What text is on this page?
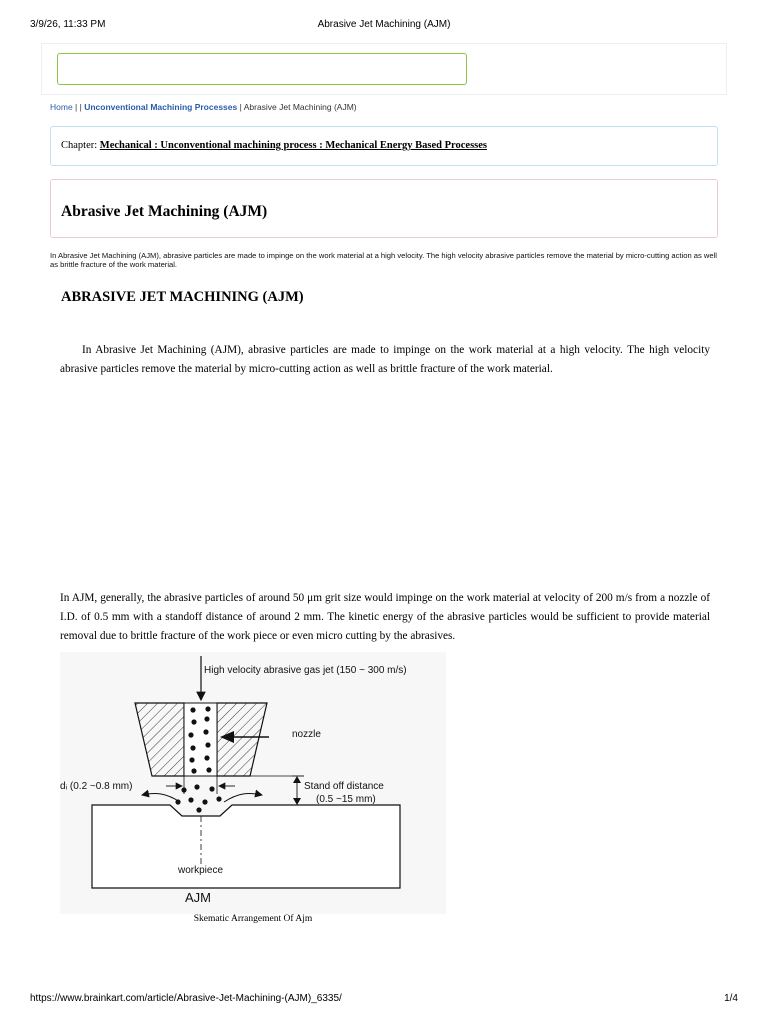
3/9/26, 11:33 PM	Abrasive Jet Machining (AJM)
Home | | Unconventional Machining Processes | Abrasive Jet Machining (AJM)
Chapter: Mechanical : Unconventional machining process : Mechanical Energy Based Processes
Abrasive Jet Machining (AJM)
In Abrasive Jet Machining (AJM), abrasive particles are made to impinge on the work material at a high velocity. The high velocity abrasive particles remove the material by micro-cutting action as well as brittle fracture of the work material.
ABRASIVE JET MACHINING (AJM)

In Abrasive Jet Machining (AJM), abrasive particles are made to impinge on the work material at a high velocity. The high velocity abrasive particles remove the material by micro-cutting action as well as brittle fracture of the work material.

In AJM, generally, the abrasive particles of around 50 μm grit size would impinge on the work material at velocity of 200 m/s from a nozzle of I.D. of 0.5 mm with a standoff distance of around 2 mm. The kinetic energy of the abrasive particles would be sufficient to provide material removal due to brittle fracture of the work piece or even micro cutting by the abrasives.

High velocity abrasive gas jet (150 ~ 300 m/s)
nozzle
dᵢ (0.2 ~0.8 mm)	Stand off distance
(0.5 ~15 mm)
workpiece
AJM
Skematic Arrangement Of Ajm
https://www.brainkart.com/article/Abrasive-Jet-Machining-(AJM)_6335/	1/4
